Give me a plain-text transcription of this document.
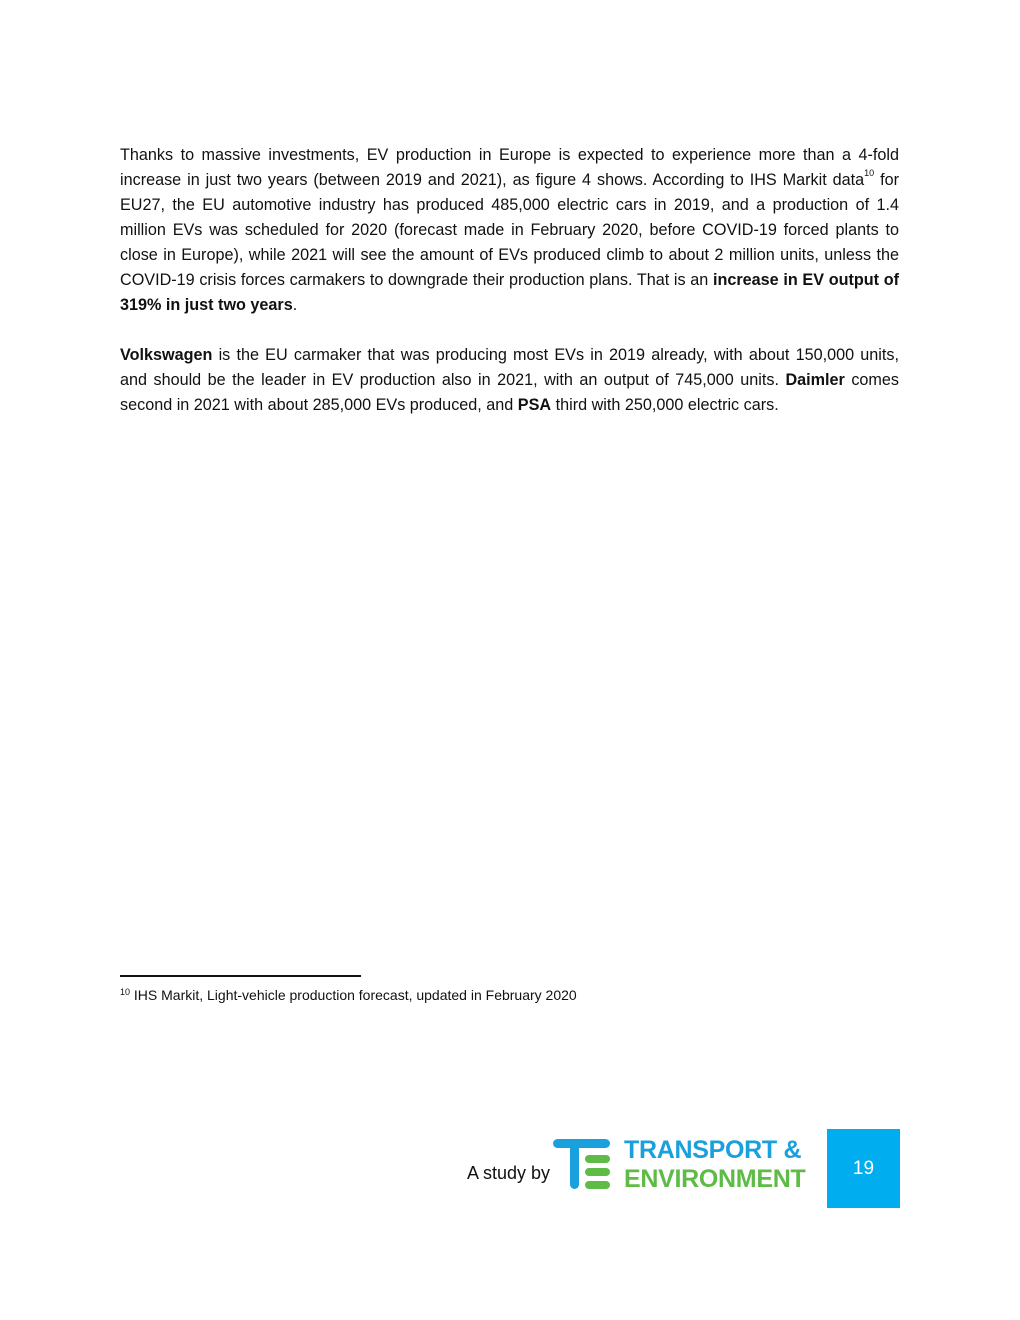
Thanks to massive investments, EV production in Europe is expected to experience more than a 4-fold increase in just two years (between 2019 and 2021), as figure 4 shows. According to IHS Markit data$^{10}$ for EU27, the EU automotive industry has produced 485,000 electric cars in 2019, and a production of 1.4 million EVs was scheduled for 2020 (forecast made in February 2020, before COVID-19 forced plants to close in Europe), while 2021 will see the amount of EVs produced climb to about 2 million units, unless the COVID-19 crisis forces carmakers to downgrade their production plans. That is an increase in EV output of 319% in just two years.

Volkswagen is the EU carmaker that was producing most EVs in 2019 already, with about 150,000 units, and should be the leader in EV production also in 2021, with an output of 745,000 units. Daimler comes second in 2021 with about 285,000 EVs produced, and PSA third with 250,000 electric cars.

$^{10}$ IHS Markit, Light-vehicle production forecast, updated in February 2020
A study by
TRANSPORT &
ENVIRONMENT 19
